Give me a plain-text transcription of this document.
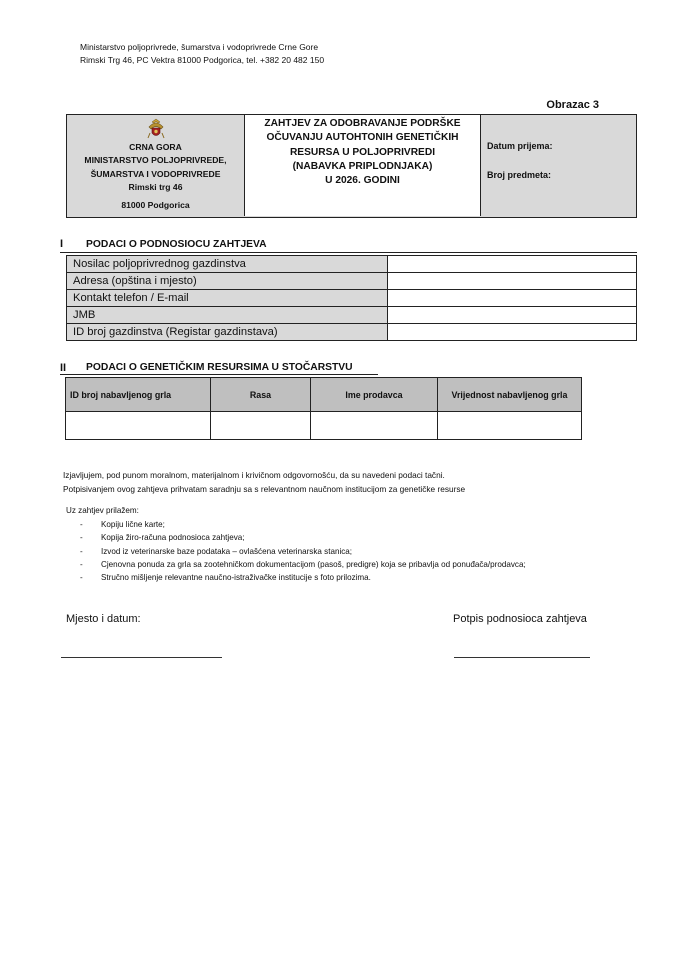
Ministarstvo poljoprivrede, šumarstva i vodoprivrede Crne Gore
Rimski Trg 46, PC Vektra 81000 Podgorica, tel. +382 20 482 150
Obrazac 3
CRNA GORA
MINISTARSTVO POLJOPRIVREDE,
ŠUMARSTVA I VODOPRIVREDE
Rimski trg 46
81000 Podgorica
ZAHTJEV ZA ODOBRAVANJE PODRŠKE
OČUVANJU AUTOHTONIH GENETIČKIH
RESURSA U POLJOPRIVREDI
(NABAVKA PRIPLODNJAKA)
U 2026. GODINI
Datum prijema:
Broj predmeta:
I PODACI O PODNOSIOCU ZAHTJEVA
Nosilac poljoprivrednog gazdinstva	
Adresa (opština i mjesto)	
Kontakt telefon / E-mail	
JMB	
ID broj gazdinstva (Registar gazdinstava)	
II PODACI O GENETIČKIM RESURSIMA U STOČARSTVU
ID broj nabavljenog grla	Rasa	Ime prodavca	Vrijednost nabavljenog grla

Izjavljujem, pod punom moralnom, materijalnom i krivičnom odgovornošću, da su navedeni podaci tačni.
Potpisivanjem ovog zahtjeva prihvatam saradnju sa s relevantnom naučnom institucijom za genetičke resurse
Uz zahtjev prilažem:
- Kopiju lične karte;
- Kopija žiro-računa podnosioca zahtjeva;
- Izvod iz veterinarske baze podataka – ovlašćena veterinarska stanica;
- Cjenovna ponuda za grla sa zootehničkom dokumentacijom (pasoš, predigre) koja se pribavlja od ponuđača/prodavca;
- Stručno mišljenje relevantne naučno-istraživačke institucije s foto prilozima.
Mjesto i datum:	Potpis podnosioca zahtjeva
